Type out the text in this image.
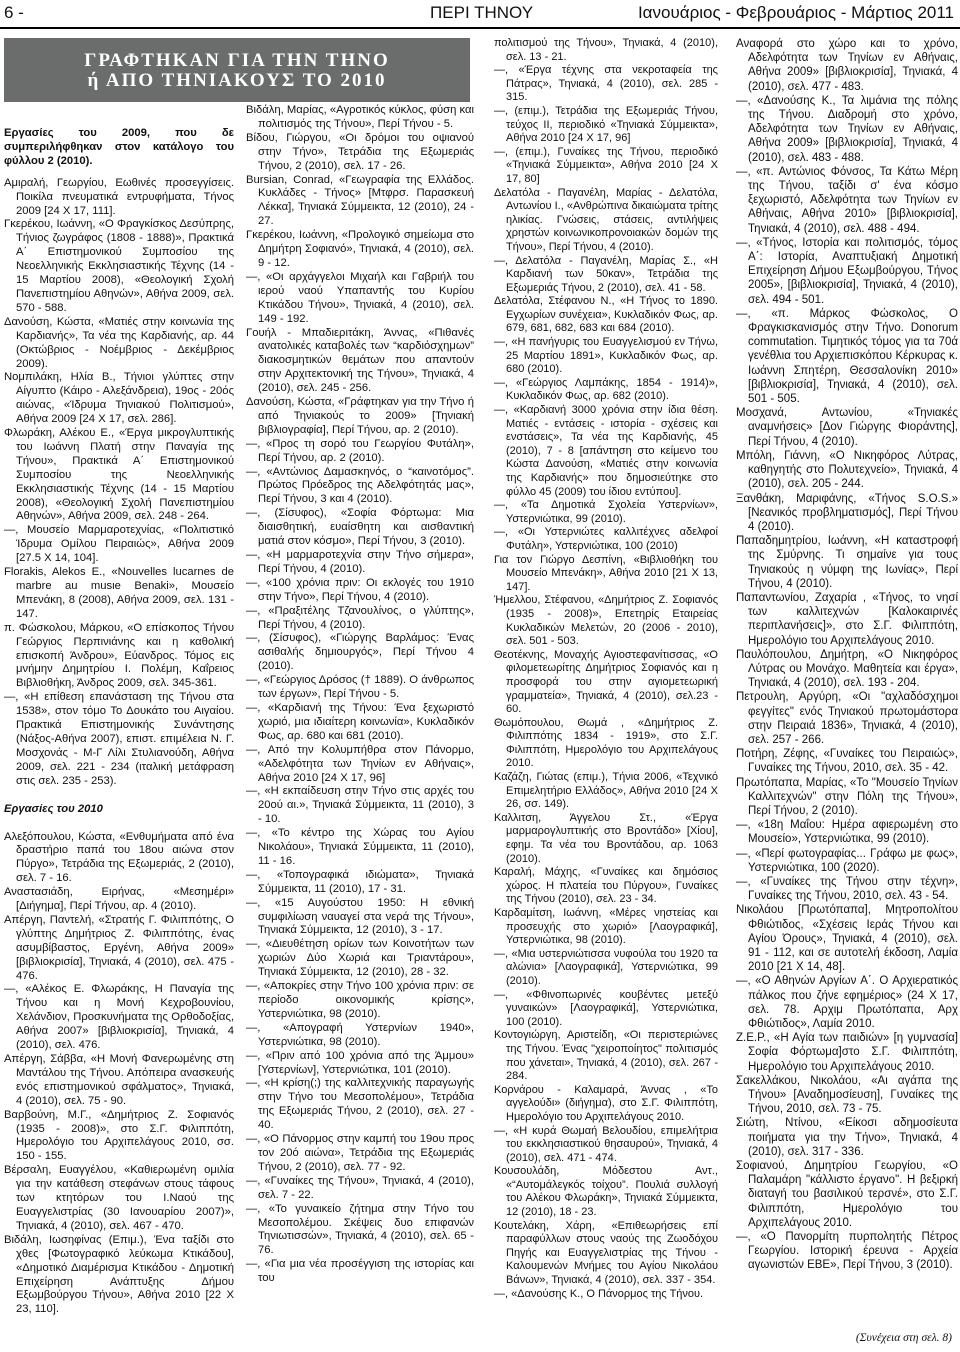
6 -	ΠΕΡΙ ΤΗΝΟΥ	Ιανουάριος - Φεβρουάριος - Μάρτιος 2011
ΓΡΑΦΤΗΚΑΝ ΓΙΑ ΤΗΝ ΤΗΝΟ
ή ΑΠΟ ΤΗΝΙΑΚΟΥΣ ΤΟ 2010

Εργασίες του 2009, που δε συμπεριλήφθηκαν στον κατάλογο του φύλλου 2 (2010).

Αμιραλή, Γεωργίου, Εωθινές προσεγγίσεις. Ποικίλα πνευματικά εντρυφήματα, Τήνος 2009 [24 Χ 17, 111].

Γκερέκου, Ιωάννη, «Ο Φραγκίσκος Δεσύπρης, Τήνιος ζωγράφος (1808 - 1888)», Πρακτικά Α΄ Επιστημονικού Συμποσίου της Νεοελληνικής Εκκλησιαστικής Τέχνης (14 - 15 Μαρτίου 2008), «Θεολογική Σχολή Πανεπιστημίου Αθηνών», Αθήνα 2009, σελ. 570 - 588.

Δανούση, Κώστα, «Ματιές στην κοινωνία της Καρδιανής», Τα νέα της Καρδιανής, αρ. 44 (Οκτώβριος - Νοέμβριος - Δεκέμβριος 2009).

Νομπιλάκη, Ηλία Β., Τήνιοι γλύπτες στην Αίγυπτο (Κάιρο - Αλεξάνδρεια), 19ος - 20ός αιώνας, «Ίδρυμα Τηνιακού Πολιτισμού», Αθήνα 2009 [24 Χ 17, σελ. 286].

Φλωράκη, Αλέκου Ε., «Έργα μικρογλυπτικής του Ιωάννη Πλατή στην Παναγία της Τήνου», Πρακτικά Α΄ Επιστημονικού Συμποσίου της Νεοελληνικής Εκκλησιαστικής Τέχνης (14 - 15 Μαρτίου 2008), «Θεολογική Σχολή Πανεπιστημίου Αθηνών», Αθήνα 2009, σελ. 248 - 264.

—, Μουσείο Μαρμαροτεχνίας, «Πολιτιστικό Ίδρυμα Ομίλου Πειραιώς», Αθήνα 2009 [27.5 Χ 14, 104].

Florakis, Alekos E., «Nouvelles lucarnes de marbre au musιe Benaki», Μουσείο Μπενάκη, 8 (2008), Αθήνα 2009, σελ. 131 - 147.

π. Φώσκολου, Μάρκου, «Ο επίσκοπος Τήνου Γεώργιος Περπινιάνης και η καθολική επισκοπή Άνδρου», Εύανδρος. Τόμος εις μνήμην Δημητρίου Ι. Πολέμη, Καΐρειος Βιβλιοθήκη, Άνδρος 2009, σελ. 345-361.

—, «Η επίθεση επανάσταση της Τήνου στα 1538», στον τόμο Το Δουκάτο του Αιγαίου. Πρακτικά Επιστημονικής Συνάντησης (Νάξος-Αθήνα 2007), επιστ. επιμέλεια Ν. Γ. Μοσχονάς - Μ-Γ Λίλι Στυλιανούδη, Αθήνα 2009, σελ. 221 - 234 (ιταλική μετάφραση στις σελ. 235 - 253).

Εργασίες του 2010

Αλεξόπουλου, Κώστα, «Ενθυμήματα από ένα δραστήριο παπά του 18ου αιώνα στον Πύργο», Τετράδια της Εξωμεριάς, 2 (2010), σελ. 7 - 16.

Αναστασιάδη, Ειρήνας, «Μεσημέρι» [Διήγημα], Περί Τήνου, αρ. 4 (2010).

Απέργη, Παντελή, «Στρατής Γ. Φιλιππότης, Ο γλύπτης Δημήτριος Ζ. Φιλιππότης, ένας ασυμβίβαστος, Εργένη, Αθήνα 2009» [βιβλιοκρισία], Τηνιακά, 4 (2010), σελ. 475 - 476.

—, «Αλέκος Ε. Φλωράκης, Η Παναγία της Τήνου και η Μονή Κεχροβουνίου, Χελάνδιον, Προσκυνήματα της Ορθοδοξίας, Αθήνα 2007» [βιβλιοκρισία], Τηνιακά, 4 (2010), σελ. 476.

Απέργη, Σάββα, «Η Μονή Φανερωμένης στη Μαντάλου της Τήνου. Απόπειρα ανασκευής ενός επιστημονικού σφάλματος», Τηνιακά, 4 (2010), σελ. 75 - 90.

Βαρβούνη, Μ.Γ., «Δημήτριος Ζ. Σοφιανός (1935 - 2008)», στο Σ.Γ. Φιλιππότη, Ημερολόγιο του Αρχιπελάγους 2010, σσ. 150 - 155.

Βέρσαλη, Ευαγγέλου, «Καθιερωμένη ομιλία για την κατάθεση στεφάνων στους τάφους των κτητόρων του Ι.Ναού της Ευαγγελιστρίας (30 Ιανουαρίου 2007)», Τηνιακά, 4 (2010), σελ. 467 - 470.

Βιδάλη, Ιωσηφίνας (Επιμ.), Ένα ταξίδι στο χθες [Φωτογραφικό λεύκωμα Κτικάδου], «Δημοτικό Διαμέρισμα Κτικάδου - Δημοτική Επιχείρηση Ανάπτυξης Δήμου Εξωμβούργου Τήνου», Αθήνα 2010 [22 Χ 23, 110].

Βιδάλη, Μαρίας, «Αγροτικός κύκλος, φύση και πολιτισμός της Τήνου», Περί Τήνου - 5.

Βίδου, Γιώργου, «Οι δρόμοι του οψιανού στην Τήνο», Τετράδια της Εξωμεριάς Τήνου, 2 (2010), σελ. 17 - 26.

Bursian, Conrad, «Γεωγραφία της Ελλάδος. Κυκλάδες - Τήνος» [Μτφρσ. Παρασκευή Λέκκα], Τηνιακά Σύμμεικτα, 12 (2010), 24 - 27.

Γκερέκου, Ιωάννη, «Προλογικό σημείωμα στο Δημήτρη Σοφιανό», Τηνιακά, 4 (2010), σελ. 9 - 12.

—, «Οι αρχάγγελοι Μιχαήλ και Γαβριήλ του ιερού ναού Υπαπαντής του Κυρίου Κτικάδου Τήνου», Τηνιακά, 4 (2010), σελ. 149 - 192.

Γουήλ - Μπαδιεριτάκη, Άννας, «Πιθανές ανατολικές καταβολές των “καρδιόσχημων” διακοσμητικών θεμάτων που απαντούν στην Αρχιτεκτονική της Τήνου», Τηνιακά, 4 (2010), σελ. 245 - 256.

Δανούση, Κώστα, «Γράφτηκαν για την Τήνο ή από Τηνιακούς το 2009» [Τηνιακή βιβλιογραφία], Περί Τήνου, αρ. 2 (2010).

—, «Προς τη σορό του Γεωργίου Φυτάλη», Περί Τήνου, αρ. 2 (2010).

—, «Αντώνιος Δαμασκηνός, ο “καινοτόμος”. Πρώτος Πρόεδρος της Αδελφότητάς μας», Περί Τήνου, 3 και 4 (2010).

—, (Σίσυφος), «Σοφία Φόρτωμα: Μια διαισθητική, ευαίσθητη και αισθαντική ματιά στον κόσμο», Περί Τήνου, 3 (2010).

—, «Η μαρμαροτεχνία στην Τήνο σήμερα», Περί Τήνου, 4 (2010).

—, «100 χρόνια πριν: Οι εκλογές του 1910 στην Τήνο», Περί Τήνου, 4 (2010).

—, «Πραξιτέλης Τζανουλίνος, ο γλύπτης», Περί Τήνου, 4 (2010).

—, (Σίσυφος), «Γιώργης Βαρλάμος: Ένας ασιθαλής δημιουργός», Περί Τήνου 4 (2010).

—, «Γεώργιος Δρόσος († 1889). Ο άνθρωπος των έργων», Περί Τήνου - 5.

—, «Καρδιανή της Τήνου: Ένα ξεχωριστό χωριό, μια ιδιαίτερη κοινωνία», Κυκλαδικόν Φως, αρ. 680 και 681 (2010).

—, Από την Κολυμπήθρα στον Πάνορμο, «Αδελφότητα των Τηνίων εν Αθήναις», Αθήνα 2010 [24 Χ 17, 96]

—, «Η εκπαίδευση στην Τήνο στις αρχές του 20ού αι.», Τηνιακά Σύμμεικτα, 11 (2010), 3 - 10.

—, «Το κέντρο της Χώρας του Αγίου Νικολάου», Τηνιακά Σύμμεικτα, 11 (2010), 11 - 16.

—, «Τοπογραφικά ιδιώματα», Τηνιακά Σύμμεικτα, 11 (2010), 17 - 31.

—, «15 Αυγούστου 1950: Η εθνική συμφιλίωση ναυαγεί στα νερά της Τήνου», Τηνιακά Σύμμεικτα, 12 (2010), 3 - 17.

—, «Διευθέτηση ορίων των Κοινοτήτων των χωριών Δύο Χωριά και Τριαντάρου», Τηνιακά Σύμμεικτα, 12 (2010), 28 - 32.

—, «Αποκρίες στην Τήνο 100 χρόνια πριν: σε περίοδο οικονομικής κρίσης», Υστερνιώτικα, 98 (2010).

—, «Απογραφή Υστερνίων 1940», Υστερνιώτικα, 98 (2010).

—, «Πριν από 100 χρόνια από της Άμμου» [Υστερνίων], Υστερνιώτικα, 101 (2010).

—, «Η κρίση(;) της καλλιτεχνικής παραγωγής στην Τήνο του Μεσοπολέμου», Τετράδια της Εξωμεριάς Τήνου, 2 (2010), σελ. 27 - 40.

—, «Ο Πάνορμος στην καμπή του 19ου προς τον 20ό αιώνα», Τετράδια της Εξωμεριάς Τήνου, 2 (2010), σελ. 77 - 92.

—, «Γυναίκες της Τήνου», Τηνιακά, 4 (2010), σελ. 7 - 22.

—, «Το γυναικείο ζήτημα στην Τήνο του Μεσοπολέμου. Σκέψεις δυο επιφανών Τηνιωτισσών», Τηνιακά, 4 (2010), σελ. 65 - 76.

—, «Για μια νέα προσέγγιση της ιστορίας και του

πολιτισμού της Τήνου», Τηνιακά, 4 (2010), σελ. 13 - 21.

—, «Έργα τέχνης στα νεκροταφεία της Πάτρας», Τηνιακά, 4 (2010), σελ. 285 - 315.

—, (επιμ.), Τετράδια της Εξωμεριάς Τήνου, τεύχος ΙΙ, περιοδικό «Τηνιακά Σύμμεικτα», Αθήνα 2010 [24 Χ 17, 96]

—, (επιμ.), Γυναίκες της Τήνου, περιοδικό «Τηνιακά Σύμμεικτα», Αθήνα 2010 [24 Χ 17, 80]

Δελατόλα - Παγανέλη, Μαρίας - Δελατόλα, Αντωνίου Ι., «Ανθρώπινα δικαιώματα τρίτης ηλικίας. Γνώσεις, στάσεις, αντιλήψεις χρηστών κοινωνικοπρονοιακών δομών της Τήνου», Περί Τήνου, 4 (2010).

—, Δελατόλα - Παγανέλη, Μαρίας Σ., «Η Καρδιανή των 50καν», Τετράδια της Εξωμεριάς Τήνου, 2 (2010), σελ. 41 - 58.

Δελατόλα, Στέφανου Ν., «Η Τήνος το 1890. Εγχωρίων συνέχεια», Κυκλαδικόν Φως, αρ. 679, 681, 682, 683 και 684 (2010).

—, «Η πανήγυρις του Ευαγγελισμού εν Τήνω, 25 Μαρτίου 1891», Κυκλαδικόν Φως, αρ. 680 (2010).

—, «Γεώργιος Λαμπάκης, 1854 - 1914)», Κυκλαδικόν Φως, αρ. 682 (2010).

—, «Καρδιανή 3000 χρόνια στην ίδια θέση. Ματιές - εντάσεις - ιστορία - σχέσεις και ενστάσεις», Τα νέα της Καρδιανής, 45 (2010), 7 - 8 [απάντηση στο κείμενο του Κώστα Δανούση, «Ματιές στην κοινωνία της Καρδιανής» που δημοσιεύτηκε στο φύλλο 45 (2009) του ίδιου εντύπου].

—, «Τα Δημοτικά Σχολεία Υστερνίων», Υστερνιώτικα, 99 (2010).

—, «Οι Υστερνιώτες καλλιτέχνες αδελφοί Φυτάλη», Υστερνιώτικα, 100 (2010)

Για τον Γιώργο Δεσπίνη, «Βιβλιοθήκη του Μουσείο Μπενάκη», Αθήνα 2010 [21 Χ 13, 147].

Ήμελλου, Στέφανου, «Δημήτριος Ζ. Σοφιανός (1935 - 2008)», Επετηρίς Εταιρείας Κυκλαδικών Μελετών, 20 (2006 - 2010), σελ. 501 - 503.

Θεοτέκνης, Μοναχής Αγιοστεφανίτισσας, «Ο φιλομετεωρίτης Δημήτριος Σοφιανός και η προσφορά του στην αγιομετεωρική γραμματεία», Τηνιακά, 4 (2010), σελ.23 - 60.

Θωμόπουλου, Θωμά , «Δημήτριος Ζ. Φιλιππότης 1834 - 1919», στο Σ.Γ. Φιλιππότη, Ημερολόγιο του Αρχιπελάγους 2010.

Καζάζη, Γιώτας (επιμ.), Τήνια 2006, «Τεχνικό Επιμελητήριο Ελλάδος», Αθήνα 2010 [24 Χ 26, σσ. 149).

Καλλιτση, Άγγελου Στ., «Έργα μαρμαρογλυπτικής στο Βροντάδο» [Χίου], εφημ. Τα νέα του Βροντάδου, αρ. 1063 (2010).

Καραλή, Μάχης, «Γυναίκες και δημόσιος χώρος. Η πλατεία του Πύργου», Γυναίκες της Τήνου (2010), σελ. 23 - 34.

Καρδαμίτση, Ιωάννη, «Μέρες νηστείας και προσευχής στο χωριό» [Λαογραφικά], Υστερνιώτικα, 98 (2010).

—, «Μια υστερνιώτισσα νυφούλα του 1920 τα αλώνια» [Λαογραφικά], Υστερνιώτικα, 99 (2010).

—, «Φθινοπωρινές κουβέντες μετεξύ γυναικών» [Λαογραφικά], Υστερνιώτικα, 100 (2010).

Κοντογιώργη, Αριστείδη, «Οι περιστεριώνες της Τήνου. Ένας "χειροποίητος" πολιτισμός που χάνεται», Τηνιακά, 4 (2010), σελ. 267 - 284.

Κορνάρου - Καλαμαρά, Άννας , «Το αγγελούδι» (διήγημα), στο Σ.Γ. Φιλιππότη, Ημερολόγιο του Αρχιπελάγους 2010.

—, «Η κυρά Θωμαή Βελουδίου, επιμελήτρια του εκκλησιαστικού θησαυρού», Τηνιακά, 4 (2010), σελ. 471 - 474.

Κουσουλάδη, Μόδεστου Αντ., «“Αυτομάλεγκός τοίχου”. Πουλιά συλλογή του Αλέκου Φλωράκη», Τηνιακά Σύμμεικτα, 12 (2010), 18 - 23.

Κουτελάκη, Χάρη, «Επιθεωρήσεις επί παραφύλλων στους ναούς της Ζωοδόχου Πηγής και Ευαγγελιστρίας της Τήνου - Καλουμενών Μνήμες του Αγίου Νικολάου Βάνων», Τηνιακά, 4 (2010), σελ. 337 - 354.

—, «Δανούσης Κ., Ο Πάνορμος της Τήνου.

Αναφορά στο χώρο και το χρόνο, Αδελφότητα των Τηνίων εν Αθήναις, Αθήνα 2009» [βιβλιοκρισία], Τηνιακά, 4 (2010), σελ. 477 - 483.

—, «Δανούσης Κ., Τα λιμάνια της πόλης της Τήνου. Διαδρομή στο χρόνο, Αδελφότητα των Τηνίων εν Αθήναις, Αθήνα 2009» [βιβλιοκρισία], Τηνιακά, 4 (2010), σελ. 483 - 488.

—, «π. Αντώνιος Φόνσος, Τα Κάτω Μέρη της Τήνου, ταξίδι σ' ένα κόσμο ξεχωριστό, Αδελφότητα των Τηνίων εν Αθήναις, Αθήνα 2010» [βιβλιοκρισία], Τηνιακά, 4 (2010), σελ. 488 - 494.

—, «Τήνος, Ιστορία και πολιτισμός, τόμος Α΄: Ιστορία, Αναπτυξιακή Δημοτική Επιχείρηση Δήμου Εξωμβούργου, Τήνος 2005», [βιβλιοκρισία], Τηνιακά, 4 (2010), σελ. 494 - 501.

—, «π. Μάρκος Φώσκολος, Ο Φραγκισκανισμός στην Τήνο. Donorum commutation. Τιμητικός τόμος για τα 70ά γενέθλια του Αρχιεπισκόπου Κέρκυρας κ. Ιωάννη Σπητέρη, Θεσσαλονίκη 2010» [βιβλιοκρισία], Τηνιακά, 4 (2010), σελ. 501 - 505.

Μοσχανά, Αντωνίου, «Τηνιακές αναμνήσεις» [Δον Γιώργης Φιοράντης], Περί Τήνου, 4 (2010).

Μπόλη, Γιάννη, «Ο Νικηφόρος Λύτρας, καθηγητής στο Πολυτεχνείο», Τηνιακά, 4 (2010), σελ. 205 - 244.

Ξανθάκη, Μαριφάνης, «Τήνος S.O.S.» [Νεανικός προβληματισμός], Περί Τήνου 4 (2010).

Παπαδημητρίου, Ιωάννη, «Η καταστροφή της Σμύρνης. Τι σημαίνε για τους Τηνιακούς η νύμφη της Ιωνίας», Περί Τήνου, 4 (2010).

Παπαντωνίου, Ζαχαρία , «Τήνος, το νησί των καλλιτεχνών [Καλοκαιρινές περιπλανήσεις]», στο Σ.Γ. Φιλιππότη, Ημερολόγιο του Αρχιπελάγους 2010.

Παυλόπουλου, Δημήτρη, «Ο Νικηφόρος Λύτρας ου Μονάχο. Μαθητεία και έργα», Τηνιακά, 4 (2010), σελ. 193 - 204.

Πετρουλη, Αργύρη, «Οι "αχλαδόσχημοι φεγγίτες" ενός Τηνιακού πρωτομάστορα στην Πειραιά 1836», Τηνιακά, 4 (2010), σελ. 257 - 266.

Ποτήρη, Ζέφης, «Γυναίκες του Πειραιώς», Γυναίκες της Τήνου, 2010, σελ. 35 - 42.

Πρωτόπαπα, Μαρίας, «Το "Μουσείο Τηνίων Καλλιτεχνών" στην Πόλη της Τήνου», Περί Τήνου, 2 (2010).

—, «18η Μαΐου: Ημέρα αφιερωμένη στο Μουσείο», Υστερνιώτικα, 99 (2010).

—, «Περί φωτογραφίας... Γράφω με φως», Υστερνιώτικα, 100 (2020).

—, «Γυναίκες της Τήνου στην τέχνη», Γυναίκες της Τήνου, 2010, σελ. 43 - 54.

Νικολάου [Πρωτόπαπα], Μητροπολίτου Φθιώτιδος, «Σχέσεις Ιεράς Τήνου και Αγίου Όρους», Τηνιακά, 4 (2010), σελ. 91 - 112, και σε αυτοτελή έκδοση, Λαμία 2010 [21 Χ 14, 48].

—, «Ο Αθηνών Αργίων Α΄. Ο Αρχιερατικός πάλκος που ζήνε εφημέριος» (24 Χ 17, σελ. 78. Αρχιμ Πρωτόπαπα, Αρχ Φθιώτιδος», Λαμία 2010.

Ζ.Ε.Ρ., «Η Αγία των παιδιών» [η γυμνασία] Σοφία Φόρτωμα]στο Σ.Γ. Φιλιππότη, Ημερολόγιο του Αρχιπελάγους 2010.

Σακελλάκου, Νικολάου, «Αι αγάπα της Τήνου» [Αναδημοσίευση], Γυναίκες της Τήνου, 2010, σελ. 73 - 75.

Σιώτη, Ντίνου, «Είκοσι αδημοσίευτα ποιήματα για την Τήνο», Τηνιακά, 4 (2010), σελ. 317 - 336.

Σοφιανού, Δημητρίου Γεωργίου, «Ο Παλαμάρη "κάλλιστο έργανο". Η βεξιρκή διαταγή του βασιλικού τερσνέ», στο Σ.Γ. Φιλιππότη, Ημερολόγιο του Αρχιπελάγους 2010.

—, «Ο Πανορμίτη πυρπολητής Πέτρος Γεωργίου. Ιστορική έρευνα - Αρχεία αγωνιστών ΕΒΕ», Περί Τήνου, 3 (2010).

(Συνέχεια στη σελ. 8)
